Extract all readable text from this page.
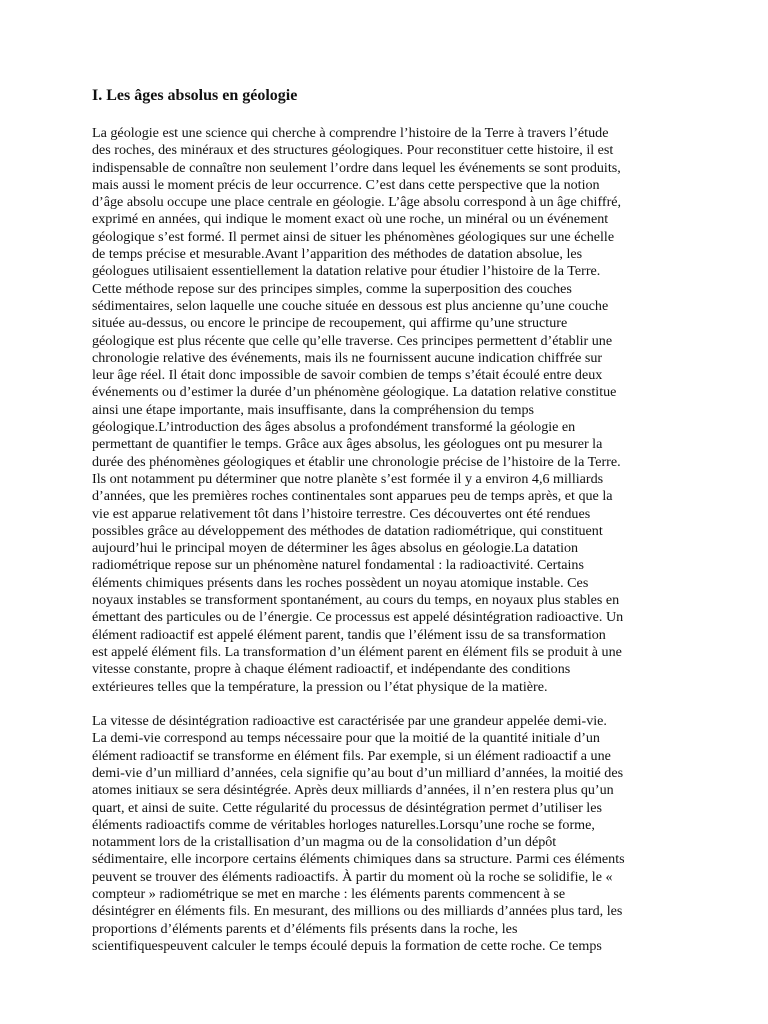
I. Les âges absolus en géologie

La géologie est une science qui cherche à comprendre l’histoire de la Terre à travers l’étude
des roches, des minéraux et des structures géologiques. Pour reconstituer cette histoire, il est
indispensable de connaître non seulement l’ordre dans lequel les événements se sont produits,
mais aussi le moment précis de leur occurrence. C’est dans cette perspective que la notion
d’âge absolu occupe une place centrale en géologie. L’âge absolu correspond à un âge chiffré,
exprimé en années, qui indique le moment exact où une roche, un minéral ou un événement
géologique s’est formé. Il permet ainsi de situer les phénomènes géologiques sur une échelle
de temps précise et mesurable.Avant l’apparition des méthodes de datation absolue, les
géologues utilisaient essentiellement la datation relative pour étudier l’histoire de la Terre.
Cette méthode repose sur des principes simples, comme la superposition des couches
sédimentaires, selon laquelle une couche située en dessous est plus ancienne qu’une couche
située au-dessus, ou encore le principe de recoupement, qui affirme qu’une structure
géologique est plus récente que celle qu’elle traverse. Ces principes permettent d’établir une
chronologie relative des événements, mais ils ne fournissent aucune indication chiffrée sur
leur âge réel. Il était donc impossible de savoir combien de temps s’était écoulé entre deux
événements ou d’estimer la durée d’un phénomène géologique. La datation relative constitue
ainsi une étape importante, mais insuffisante, dans la compréhension du temps
géologique.L’introduction des âges absolus a profondément transformé la géologie en
permettant de quantifier le temps. Grâce aux âges absolus, les géologues ont pu mesurer la
durée des phénomènes géologiques et établir une chronologie précise de l’histoire de la Terre.
Ils ont notamment pu déterminer que notre planète s’est formée il y a environ 4,6 milliards
d’années, que les premières roches continentales sont apparues peu de temps après, et que la
vie est apparue relativement tôt dans l’histoire terrestre. Ces découvertes ont été rendues
possibles grâce au développement des méthodes de datation radiométrique, qui constituent
aujourd’hui le principal moyen de déterminer les âges absolus en géologie.La datation
radiométrique repose sur un phénomène naturel fondamental : la radioactivité. Certains
éléments chimiques présents dans les roches possèdent un noyau atomique instable. Ces
noyaux instables se transforment spontanément, au cours du temps, en noyaux plus stables en
émettant des particules ou de l’énergie. Ce processus est appelé désintégration radioactive. Un
élément radioactif est appelé élément parent, tandis que l’élément issu de sa transformation
est appelé élément fils. La transformation d’un élément parent en élément fils se produit à une
vitesse constante, propre à chaque élément radioactif, et indépendante des conditions
extérieures telles que la température, la pression ou l’état physique de la matière.

La vitesse de désintégration radioactive est caractérisée par une grandeur appelée demi-vie.
La demi-vie correspond au temps nécessaire pour que la moitié de la quantité initiale d’un
élément radioactif se transforme en élément fils. Par exemple, si un élément radioactif a une
demi-vie d’un milliard d’années, cela signifie qu’au bout d’un milliard d’années, la moitié des
atomes initiaux se sera désintégrée. Après deux milliards d’années, il n’en restera plus qu’un
quart, et ainsi de suite. Cette régularité du processus de désintégration permet d’utiliser les
éléments radioactifs comme de véritables horloges naturelles.Lorsqu’une roche se forme,
notamment lors de la cristallisation d’un magma ou de la consolidation d’un dépôt
sédimentaire, elle incorpore certains éléments chimiques dans sa structure. Parmi ces éléments
peuvent se trouver des éléments radioactifs. À partir du moment où la roche se solidifie, le «
compteur » radiométrique se met en marche : les éléments parents commencent à se
désintégrer en éléments fils. En mesurant, des millions ou des milliards d’années plus tard, les
proportions d’éléments parents et d’éléments fils présents dans la roche, les
scientifiquespeuvent calculer le temps écoulé depuis la formation de cette roche. Ce temps
